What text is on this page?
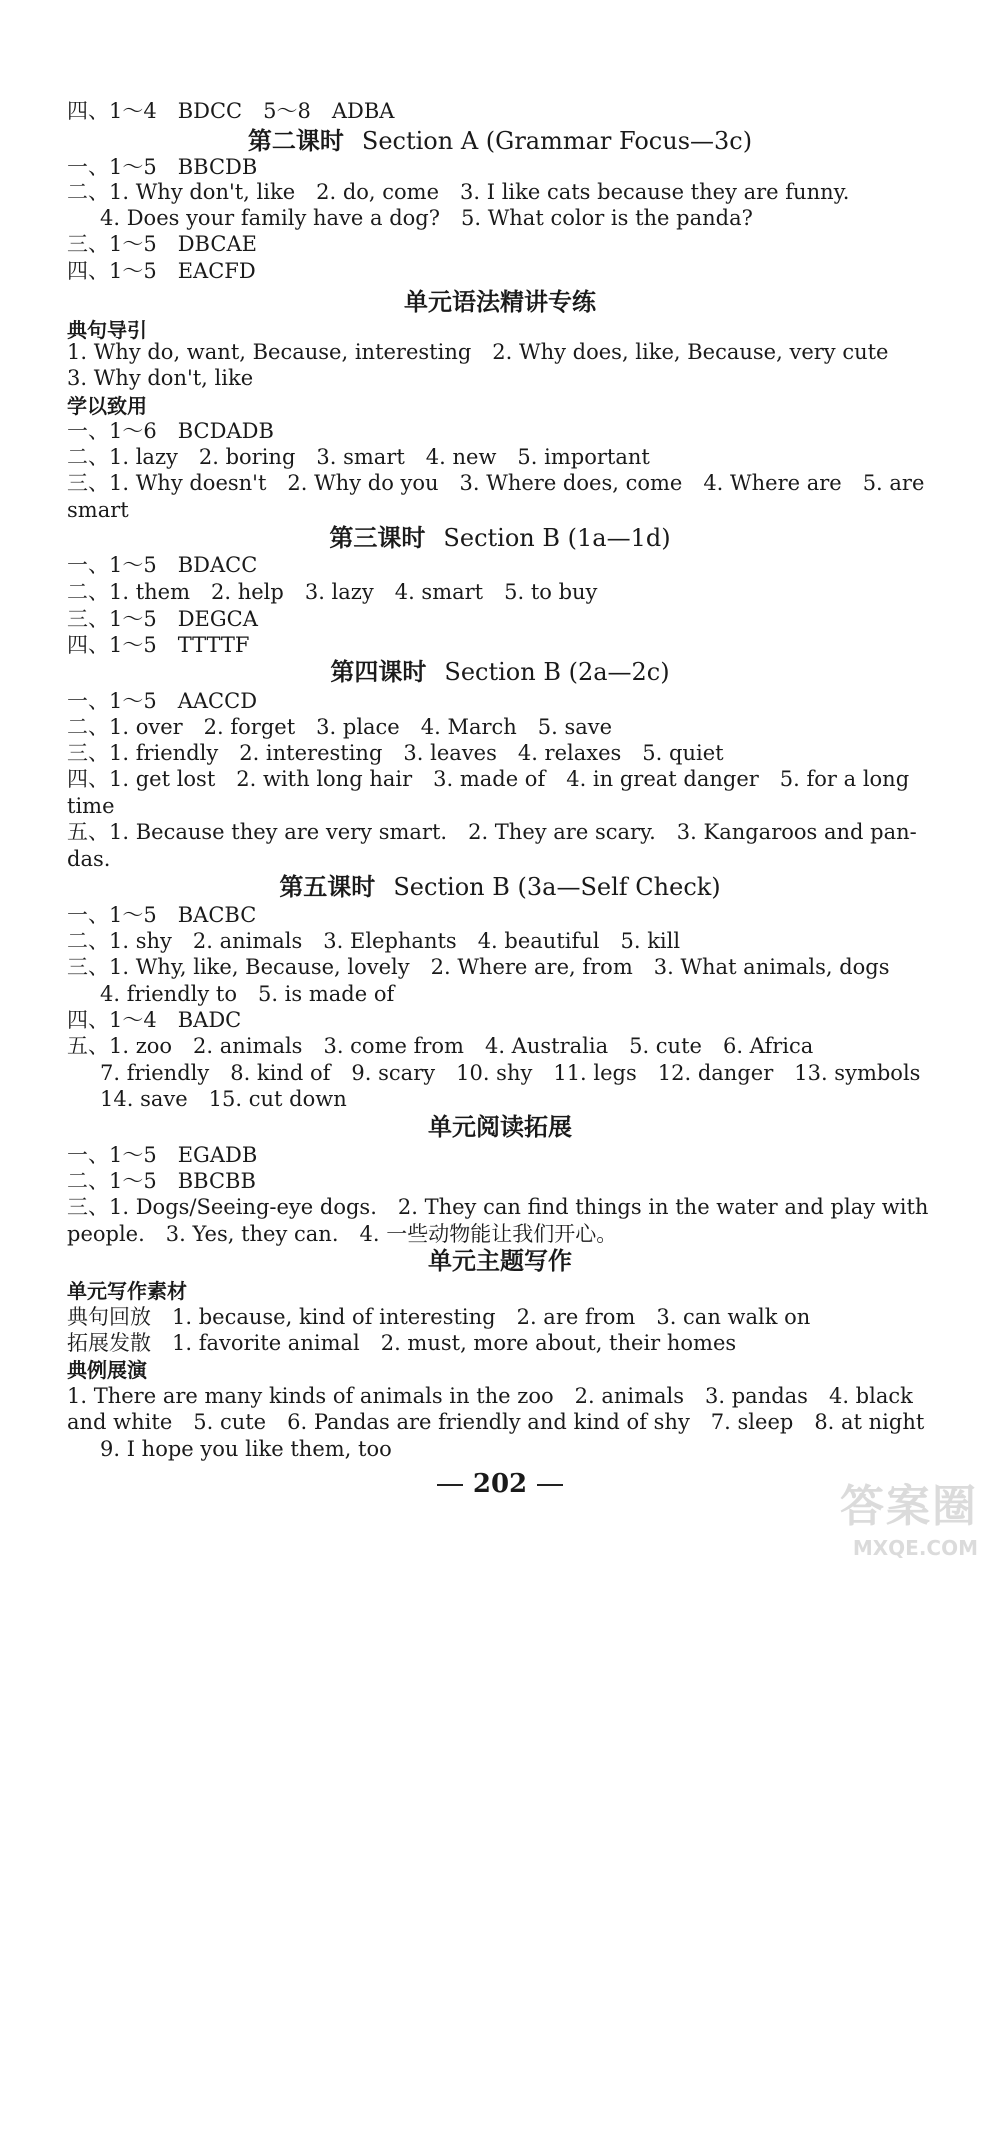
四、1～4　BDCC　5～8　ADBA
第二课时 Section A (Grammar Focus—3c)
一、1～5　BBCDB
二、1. Why don't, like　2. do, come　3. I like cats because they are funny.
4. Does your family have a dog?　5. What color is the panda?
三、1～5　DBCAE
四、1～5　EACFD
单元语法精讲专练
典句导引
1. Why do, want, Because, interesting　2. Why does, like, Because, very cute
3. Why don't, like
学以致用
一、1～6　BCDADB
二、1. lazy　2. boring　3. smart　4. new　5. important
三、1. Why doesn't　2. Why do you　3. Where does, come　4. Where are　5. are
smart
第三课时 Section B (1a—1d)
一、1～5　BDACC
二、1. them　2. help　3. lazy　4. smart　5. to buy
三、1～5　DEGCA
四、1～5　TTTTF
第四课时 Section B (2a—2c)
一、1～5　AACCD
二、1. over　2. forget　3. place　4. March　5. save
三、1. friendly　2. interesting　3. leaves　4. relaxes　5. quiet
四、1. get lost　2. with long hair　3. made of　4. in great danger　5. for a long
time
五、1. Because they are very smart.　2. They are scary.　3. Kangaroos and pan-
das.
第五课时 Section B (3a—Self Check)
一、1～5　BACBC
二、1. shy　2. animals　3. Elephants　4. beautiful　5. kill
三、1. Why, like, Because, lovely　2. Where are, from　3. What animals, dogs
4. friendly to　5. is made of
四、1～4　BADC
五、1. zoo　2. animals　3. come from　4. Australia　5. cute　6. Africa
7. friendly　8. kind of　9. scary　10. shy　11. legs　12. danger　13. symbols
14. save　15. cut down
单元阅读拓展
一、1～5　EGADB
二、1～5　BBCBB
三、1. Dogs/Seeing-eye dogs.　2. They can find things in the water and play with
people.　3. Yes, they can.　4. 一些动物能让我们开心。
单元主题写作
单元写作素材
典句回放　 1. because, kind of interesting　2. are from　3. can walk on
拓展发散　 1. favorite animal　2. must, more about, their homes
典例展演
1. There are many kinds of animals in the zoo　2. animals　3. pandas　4. black
and white　5. cute　6. Pandas are friendly and kind of shy　7. sleep　8. at night
9. I hope you like them, too
202	答案圈
MXQE.COM
